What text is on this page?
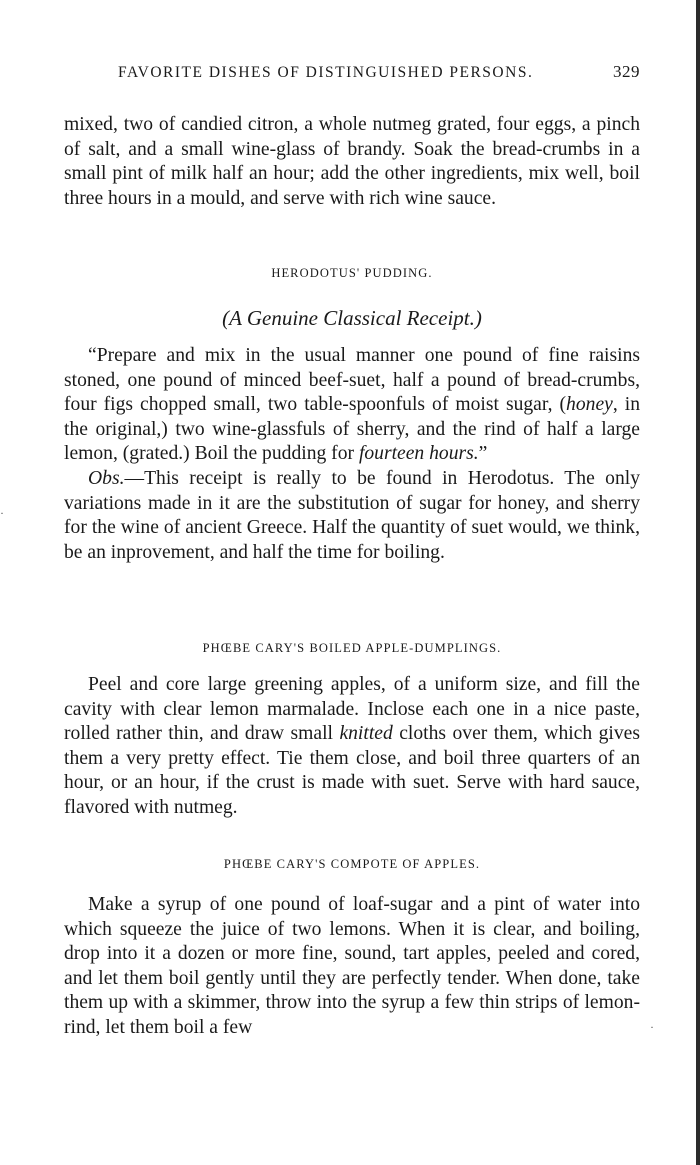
FAVORITE DISHES OF DISTINGUISHED PERSONS.	329

mixed, two of candied citron, a whole nutmeg grated, four eggs, a pinch of salt, and a small wine-glass of brandy. Soak the bread-crumbs in a small pint of milk half an hour; add the other ingredients, mix well, boil three hours in a mould, and serve with rich wine sauce.

HERODOTUS' PUDDING.
(A Genuine Classical Receipt.)

“Prepare and mix in the usual manner one pound of fine raisins stoned, one pound of minced beef-suet, half a pound of bread-crumbs, four figs chopped small, two table-spoonfuls of moist sugar, (honey, in the original,) two wine-glassfuls of sherry, and the rind of half a large lemon, (grated.) Boil the pudding for fourteen hours.”

Obs.—This receipt is really to be found in Herodotus. The only variations made in it are the substitution of sugar for honey, and sherry for the wine of ancient Greece. Half the quantity of suet would, we think, be an inprovement, and half the time for boiling.

PHŒBE CARY'S BOILED APPLE-DUMPLINGS.

Peel and core large greening apples, of a uniform size, and fill the cavity with clear lemon marmalade. Inclose each one in a nice paste, rolled rather thin, and draw small knitted cloths over them, which gives them a very pretty effect. Tie them close, and boil three quarters of an hour, or an hour, if the crust is made with suet. Serve with hard sauce, flavored with nutmeg.

PHŒBE CARY'S COMPOTE OF APPLES.

Make a syrup of one pound of loaf-sugar and a pint of water into which squeeze the juice of two lemons. When it is clear, and boiling, drop into it a dozen or more fine, sound, tart apples, peeled and cored, and let them boil gently until they are perfectly tender. When done, take them up with a skimmer, throw into the syrup a few thin strips of lemon-rind, let them boil a few

·
·
